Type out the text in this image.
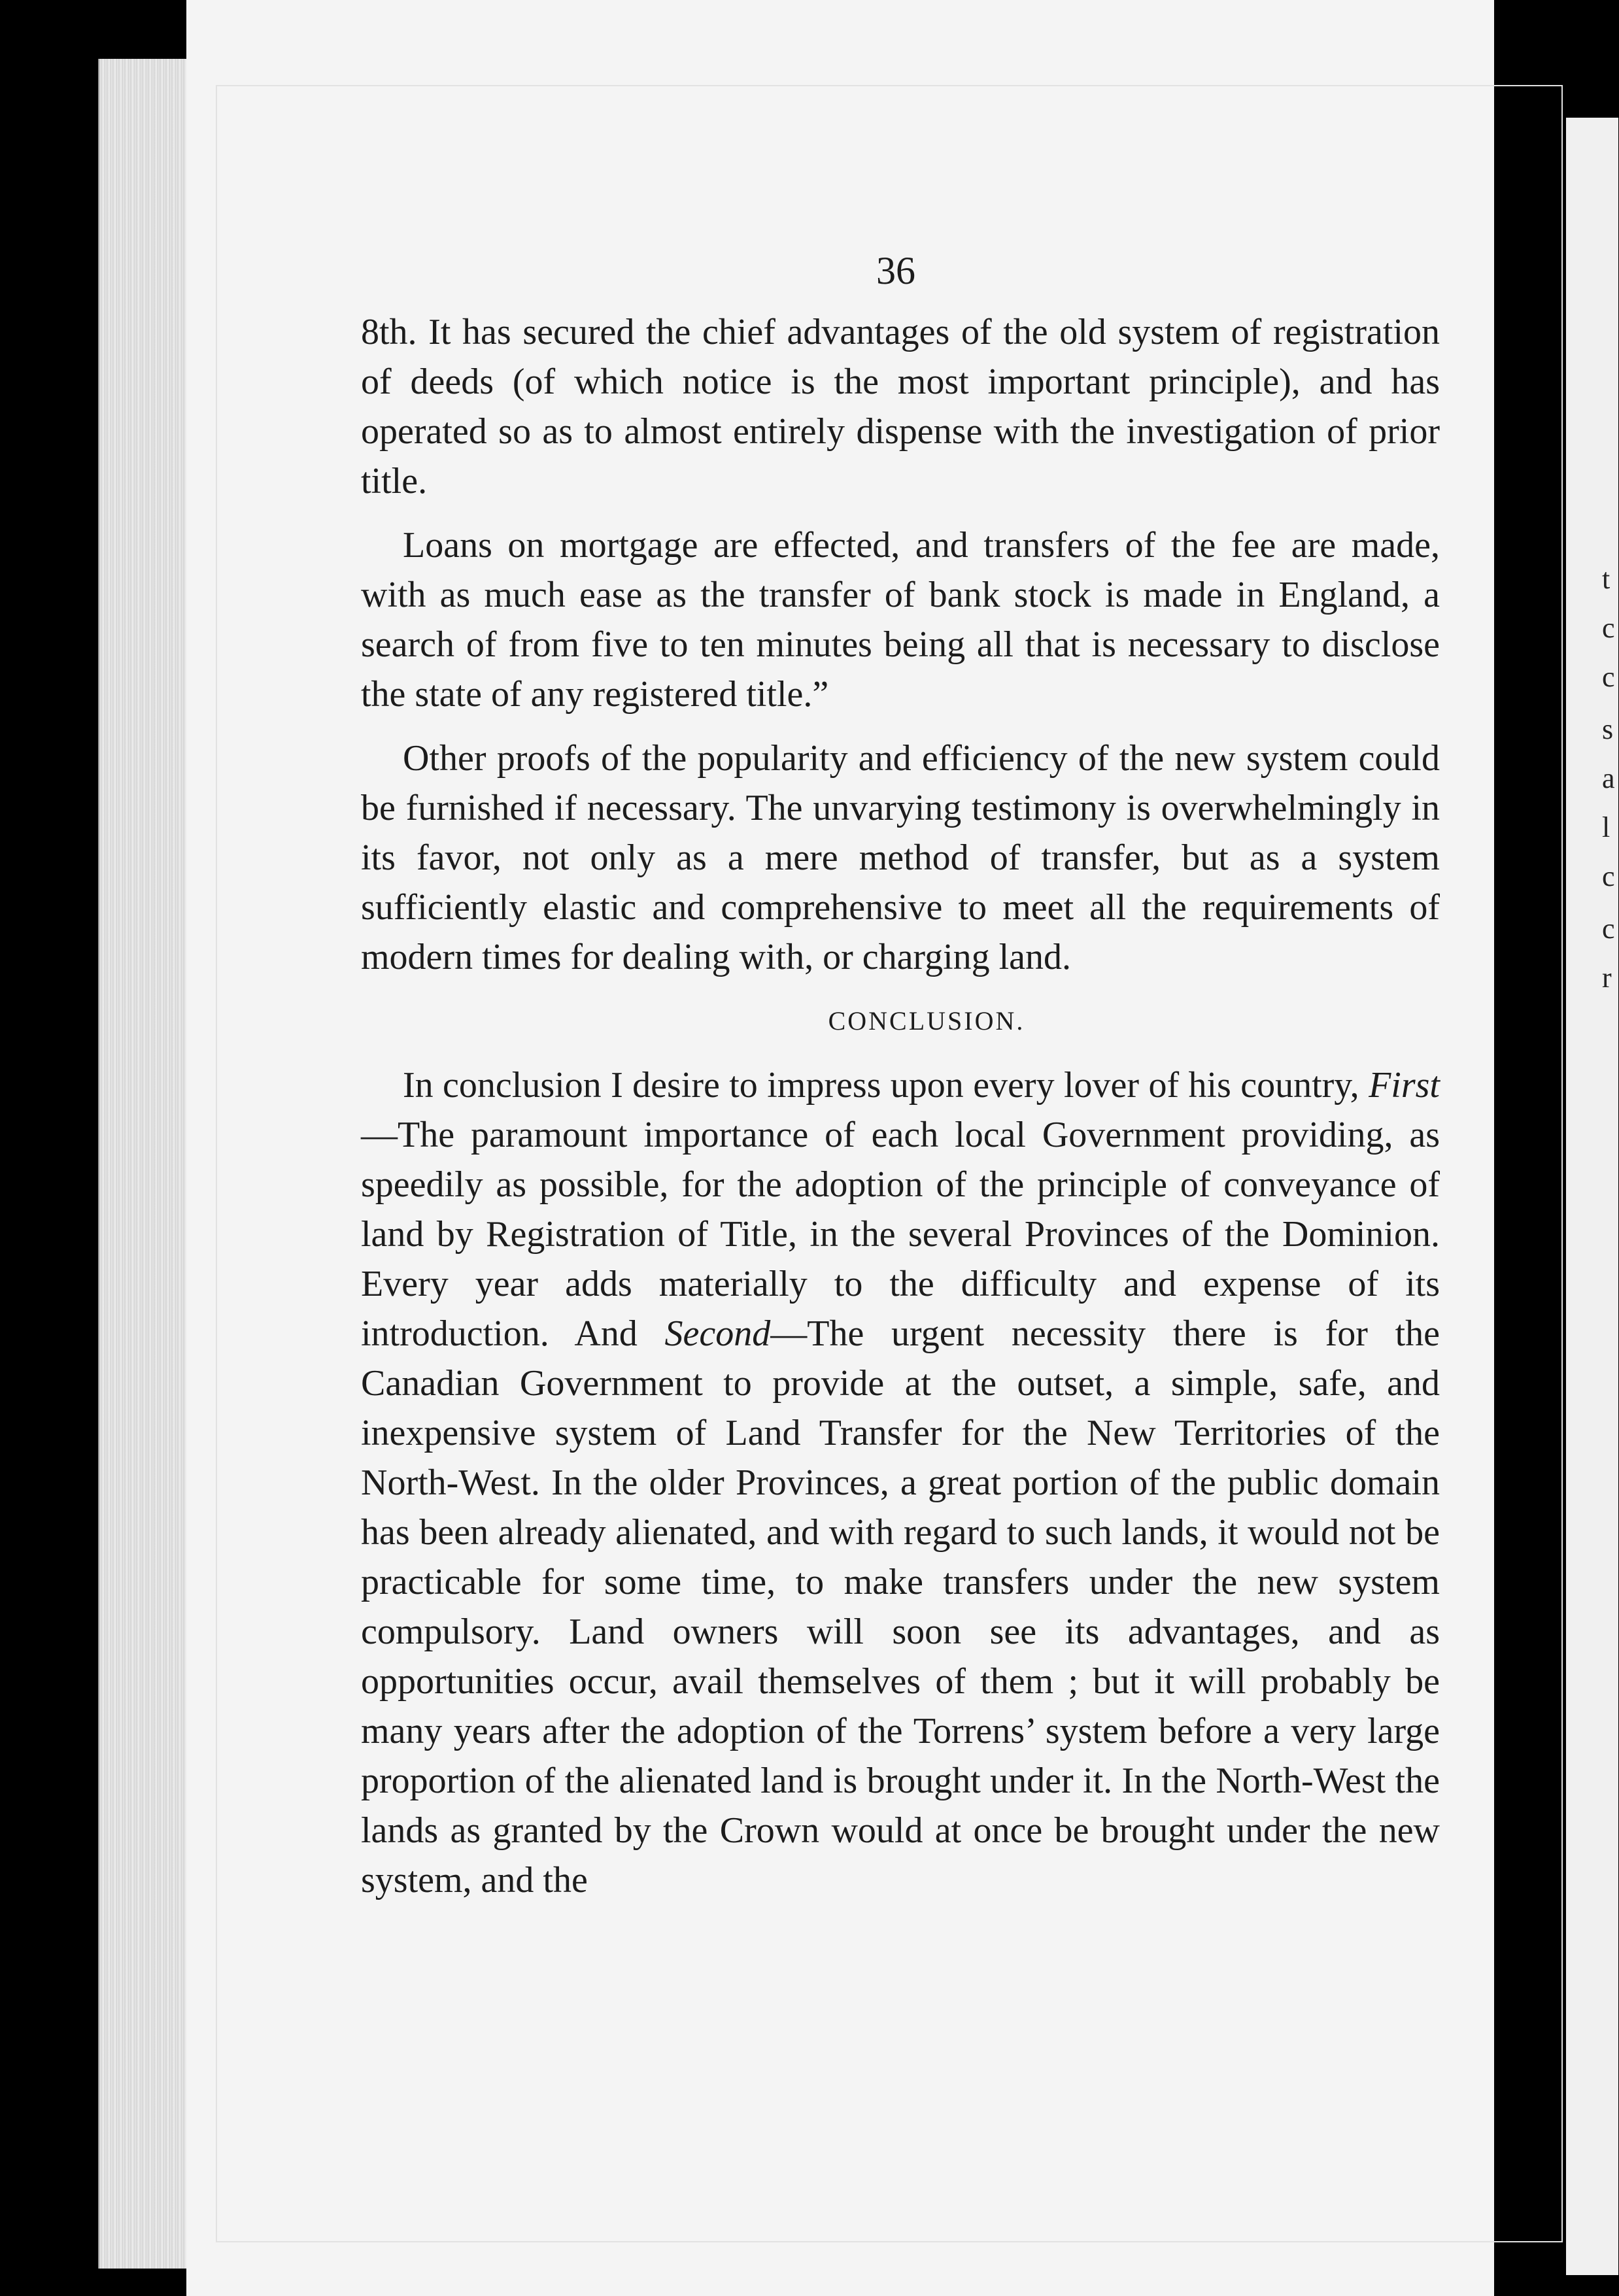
t
c
c
s
a
l
c
c
r
36

8th. It has secured the chief advantages of the old system of registration of deeds (of which notice is the most important principle), and has operated so as to almost entirely dispense with the investigation of prior title.

Loans on mortgage are effected, and transfers of the fee are made, with as much ease as the transfer of bank stock is made in England, a search of from five to ten minutes being all that is necessary to disclose the state of any registered title.”

Other proofs of the popularity and efficiency of the new system could be furnished if necessary. The unvarying testimony is overwhelmingly in its favor, not only as a mere method of transfer, but as a system sufficiently elastic and comprehensive to meet all the requirements of modern times for dealing with, or charging land.

CONCLUSION.

In conclusion I desire to impress upon every lover of his country, First—The paramount importance of each local Government providing, as speedily as possible, for the adoption of the principle of conveyance of land by Registration of Title, in the several Provinces of the Dominion. Every year adds materially to the difficulty and expense of its introduction. And Second—The urgent necessity there is for the Canadian Government to provide at the outset, a simple, safe, and inexpensive system of Land Transfer for the New Territories of the North-West. In the older Provinces, a great portion of the public domain has been already alienated, and with regard to such lands, it would not be practicable for some time, to make transfers under the new system compulsory. Land owners will soon see its advantages, and as opportunities occur, avail themselves of them ; but it will probably be many years after the adoption of the Torrens’ system before a very large proportion of the alienated land is brought under it. In the North-West the lands as granted by the Crown would at once be brought under the new system, and the
